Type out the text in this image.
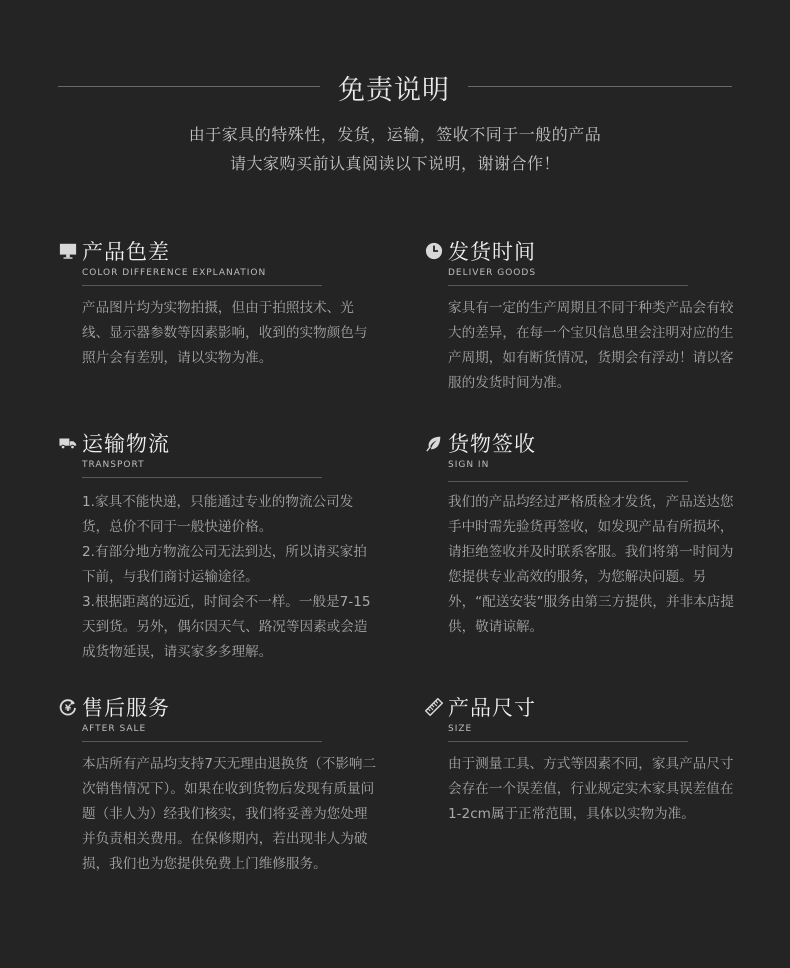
免责说明
由于家具的特殊性，发货，运输，签收不同于一般的产品
请大家购买前认真阅读以下说明，谢谢合作！
产品色差
COLOR DIFFERENCE EXPLANATION

产品图片均为实物拍摄，但由于拍照技术、光线、显示器参数等因素影响，收到的实物颜色与照片会有差别，请以实物为准。

发货时间
DELIVER GOODS

家具有一定的生产周期且不同于种类产品会有较大的差异，在每一个宝贝信息里会注明对应的生产周期，如有断货情况，货期会有浮动！请以客服的发货时间为准。

运输物流
TRANSPORT

1.家具不能快递，只能通过专业的物流公司发货，总价不同于一般快递价格。

2.有部分地方物流公司无法到达，所以请买家拍下前，与我们商讨运输途径。

3.根据距离的远近，时间会不一样。一般是7-15天到货。另外，偶尔因天气、路况等因素或会造成货物延误，请买家多多理解。

货物签收
SIGN IN

我们的产品均经过严格质检才发货，产品送达您手中时需先验货再签收，如发现产品有所损坏，请拒绝签收并及时联系客服。我们将第一时间为您提供专业高效的服务，为您解决问题。另外，“配送安装”服务由第三方提供，并非本店提供，敬请谅解。

¥ 售后服务
AFTER SALE

本店所有产品均支持7天无理由退换货（不影响二次销售情况下）。如果在收到货物后发现有质量问题（非人为）经我们核实，我们将妥善为您处理并负责相关费用。在保修期内，若出现非人为破损，我们也为您提供免费上门维修服务。

产品尺寸
SIZE

由于测量工具、方式等因素不同，家具产品尺寸会存在一个误差值，行业规定实木家具误差值在1-2cm属于正常范围，具体以实物为准。
